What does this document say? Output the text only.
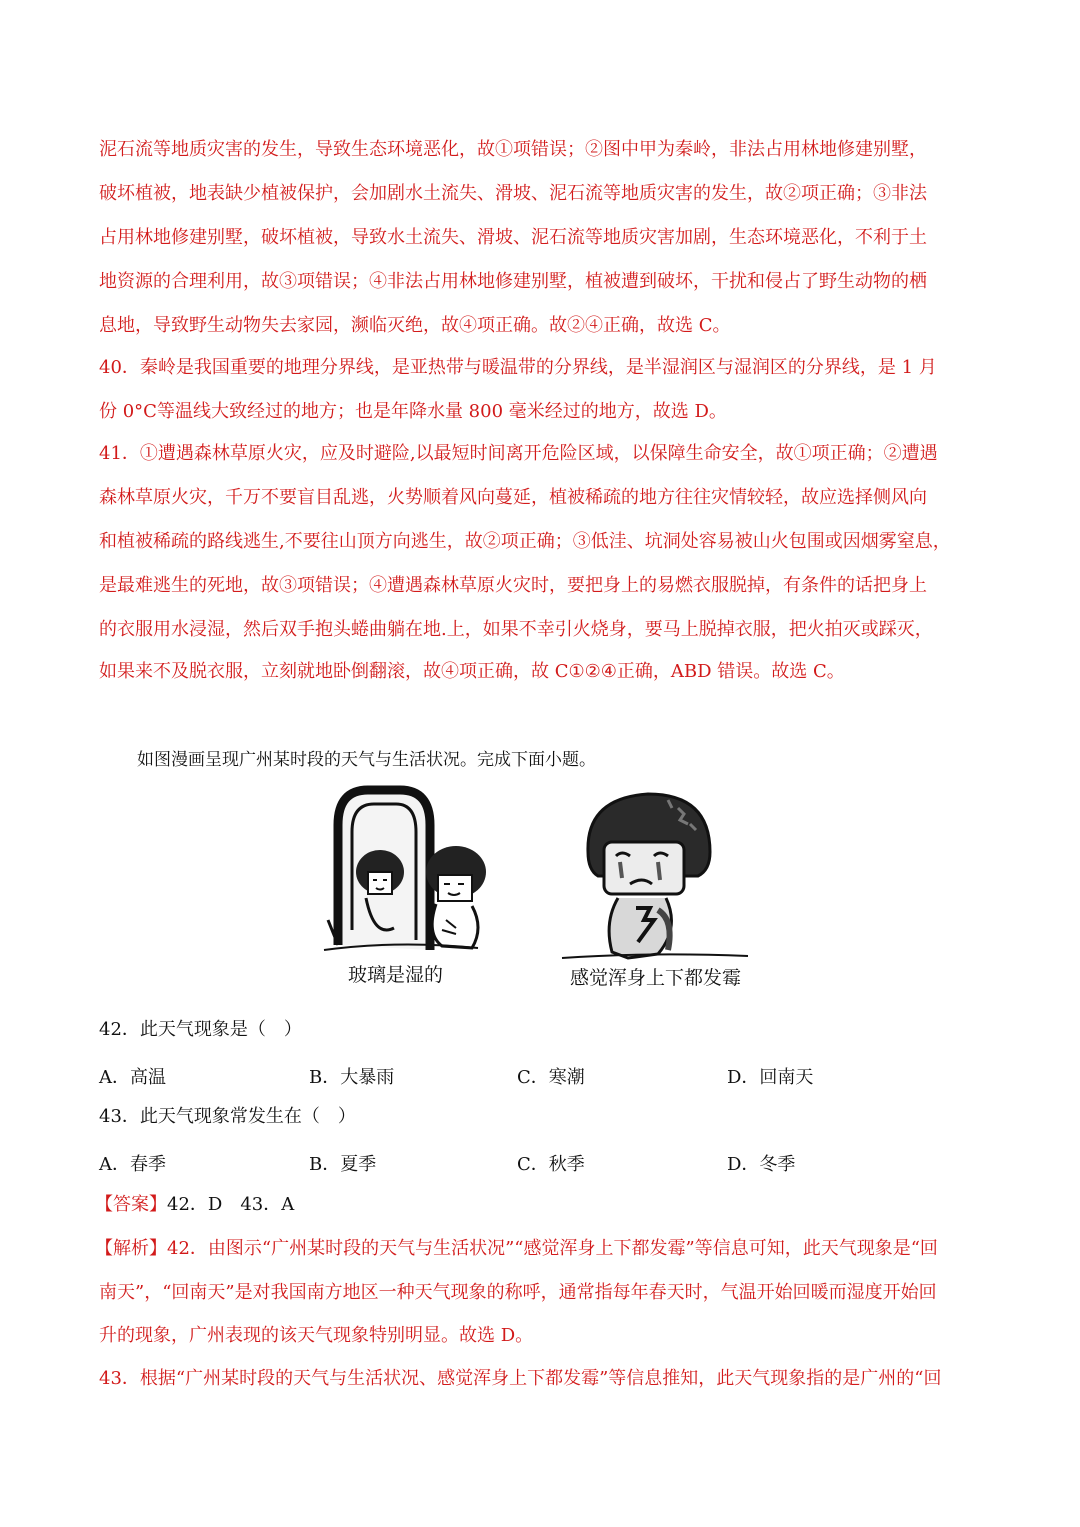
泥石流等地质灾害的发生，导致生态环境恶化，故①项错误；②图中甲为秦岭，非法占用林地修建别墅，
破坏植被，地表缺少植被保护，会加剧水土流失、滑坡、泥石流等地质灾害的发生，故②项正确；③非法
占用林地修建别墅，破坏植被，导致水土流失、滑坡、泥石流等地质灾害加剧，生态环境恶化，不利于土
地资源的合理利用，故③项错误；④非法占用林地修建别墅，植被遭到破坏，干扰和侵占了野生动物的栖
息地，导致野生动物失去家园，濒临灭绝，故④项正确。故②④正确，故选 C。
40．秦岭是我国重要的地理分界线，是亚热带与暖温带的分界线，是半湿润区与湿润区的分界线，是 1 月
份 0°C等温线大致经过的地方；也是年降水量 800 毫米经过的地方，故选 D。
41．①遭遇森林草原火灾，应及时避险,以最短时间离开危险区域，以保障生命安全，故①项正确；②遭遇
森林草原火灾，千万不要盲目乱逃，火势顺着风向蔓延，植被稀疏的地方往往灾情较轻，故应选择侧风向
和植被稀疏的路线逃生,不要往山顶方向逃生，故②项正确；③低洼、坑洞处容易被山火包围或因烟雾窒息，
是最难逃生的死地，故③项错误；④遭遇森林草原火灾时，要把身上的易燃衣服脱掉，有条件的话把身上
的衣服用水浸湿，然后双手抱头蜷曲躺在地.上，如果不幸引火烧身，要马上脱掉衣服，把火拍灭或踩灭，
如果来不及脱衣服，立刻就地卧倒翻滚，故④项正确，故 C①②④正确，ABD 错误。故选 C。
如图漫画呈现广州某时段的天气与生活状况。完成下面小题。
玻璃是湿的	感觉浑身上下都发霉
42．此天气现象是（　）
A．高温	B．大暴雨	C．寒潮	D．回南天
43．此天气现象常发生在（　）
A．春季	B．夏季	C．秋季	D．冬季
【答案】42．D　43．A
【解析】42．由图示“广州某时段的天气与生活状况”“感觉浑身上下都发霉”等信息可知，此天气现象是“回
南天”，“回南天”是对我国南方地区一种天气现象的称呼，通常指每年春天时，气温开始回暖而湿度开始回
升的现象，广州表现的该天气现象特别明显。故选 D。
43．根据“广州某时段的天气与生活状况、感觉浑身上下都发霉”等信息推知，此天气现象指的是广州的“回
